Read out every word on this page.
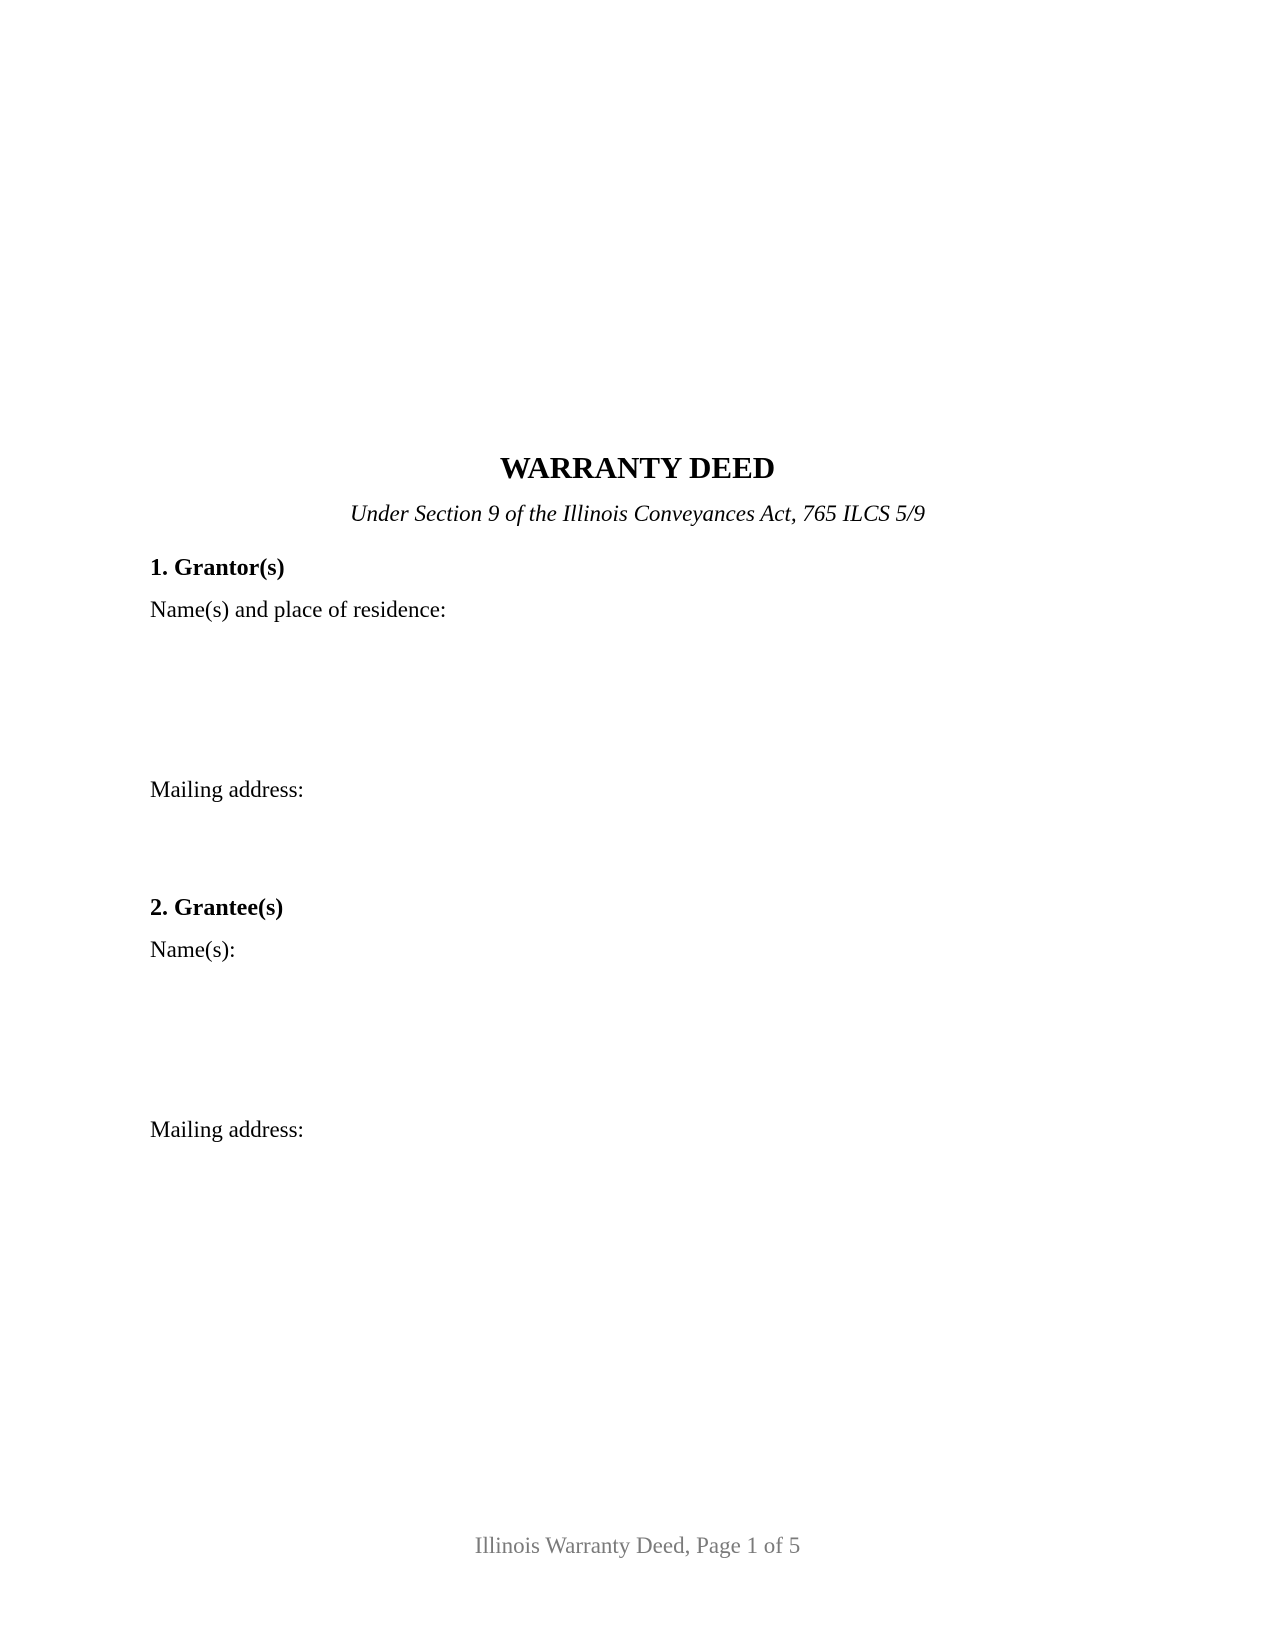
WARRANTY DEED
Under Section 9 of the Illinois Conveyances Act, 765 ILCS 5/9
1. Grantor(s)
Name(s) and place of residence:
Mailing address:
2. Grantee(s)
Name(s):
Mailing address:
Illinois Warranty Deed, Page 1 of 5
